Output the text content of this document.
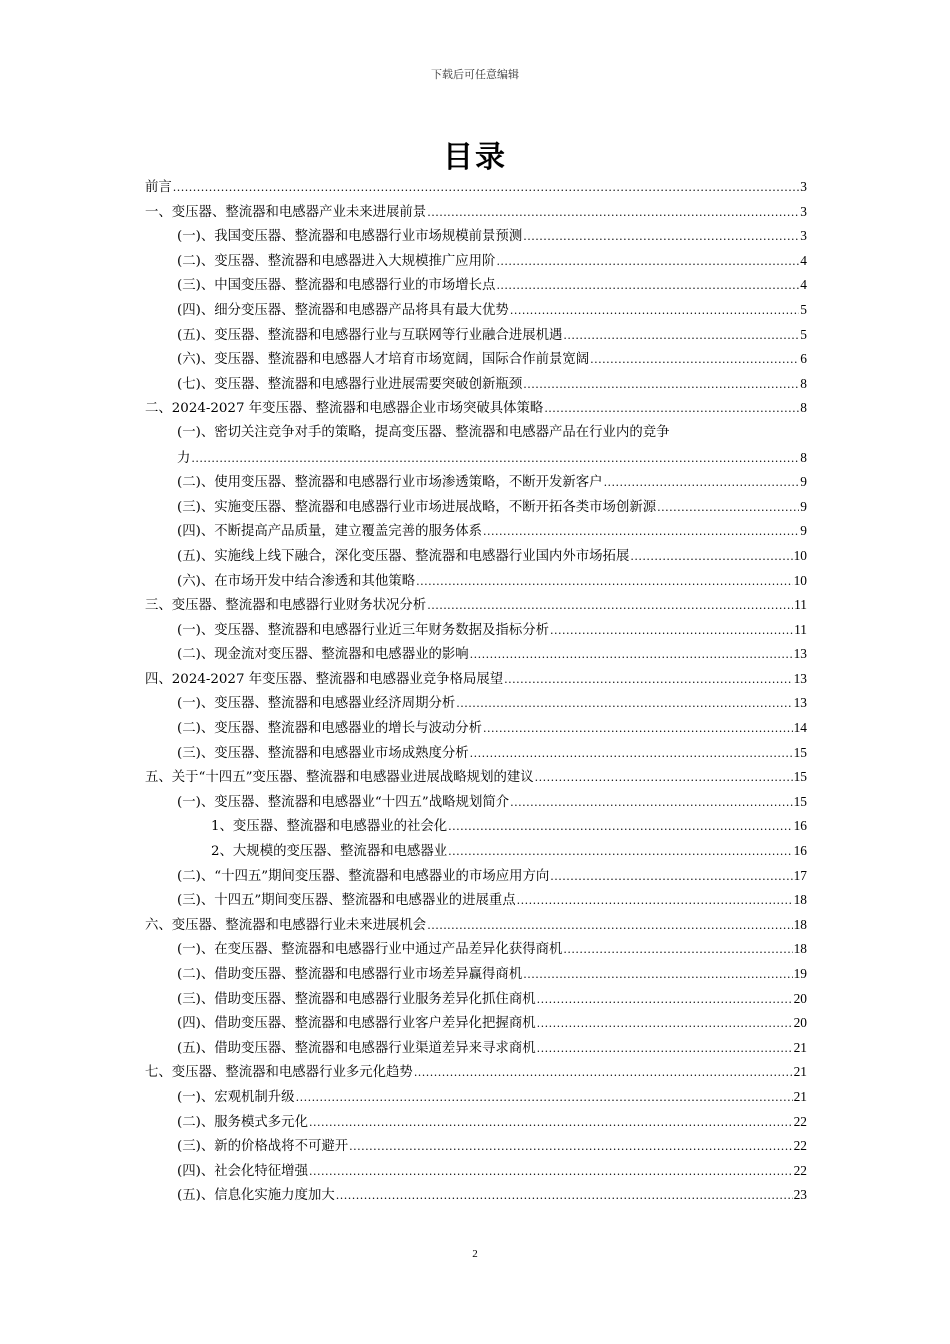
下载后可任意编辑
目录
前言 .....	3
一、变压器、整流器和电感器产业未来进展前景 .....	3
(一)、我国变压器、整流器和电感器行业市场规模前景预测 .....	3
(二)、变压器、整流器和电感器进入大规模推广应用阶 .....	4
(三)、中国变压器、整流器和电感器行业的市场增长点 .....	4
(四)、细分变压器、整流器和电感器产品将具有最大优势 .....	5
(五)、变压器、整流器和电感器行业与互联网等行业融合进展机遇 .....	5
(六)、变压器、整流器和电感器人才培育市场宽阔，国际合作前景宽阔 .....	6
(七)、变压器、整流器和电感器行业进展需要突破创新瓶颈 .....	8
二、2024-2027 年变压器、整流器和电感器企业市场突破具体策略 .....	8
(一)、密切关注竞争对手的策略，提高变压器、整流器和电感器产品在行业内的竞争
力 .....	8
(二)、使用变压器、整流器和电感器行业市场渗透策略，不断开发新客户 .....	9
(三)、实施变压器、整流器和电感器行业市场进展战略，不断开拓各类市场创新源 .....	9
(四)、不断提高产品质量，建立覆盖完善的服务体系 .....	9
(五)、实施线上线下融合，深化变压器、整流器和电感器行业国内外市场拓展 .....	10
(六)、在市场开发中结合渗透和其他策略 .....	10
三、变压器、整流器和电感器行业财务状况分析 .....	11
(一)、变压器、整流器和电感器行业近三年财务数据及指标分析 .....	11
(二)、现金流对变压器、整流器和电感器业的影响 .....	13
四、2024-2027 年变压器、整流器和电感器业竞争格局展望 .....	13
(一)、变压器、整流器和电感器业经济周期分析 .....	13
(二)、变压器、整流器和电感器业的增长与波动分析 .....	14
(三)、变压器、整流器和电感器业市场成熟度分析 .....	15
五、关于“十四五”变压器、整流器和电感器业进展战略规划的建议 .....	15
(一)、变压器、整流器和电感器业“十四五”战略规划简介 .....	15
1、变压器、整流器和电感器业的社会化 .....	16
2、大规模的变压器、整流器和电感器业 .....	16
(二)、“十四五”期间变压器、整流器和电感器业的市场应用方向 .....	17
(三)、十四五”期间变压器、整流器和电感器业的进展重点 .....	18
六、变压器、整流器和电感器行业未来进展机会 .....	18
(一)、在变压器、整流器和电感器行业中通过产品差异化获得商机 .....	18
(二)、借助变压器、整流器和电感器行业市场差异赢得商机 .....	19
(三)、借助变压器、整流器和电感器行业服务差异化抓住商机 .....	20
(四)、借助变压器、整流器和电感器行业客户差异化把握商机 .....	20
(五)、借助变压器、整流器和电感器行业渠道差异来寻求商机 .....	21
七、变压器、整流器和电感器行业多元化趋势 .....	21
(一)、宏观机制升级 .....	21
(二)、服务模式多元化 .....	22
(三)、新的价格战将不可避开 .....	22
(四)、社会化特征增强 .....	22
(五)、信息化实施力度加大 .....	23
2
